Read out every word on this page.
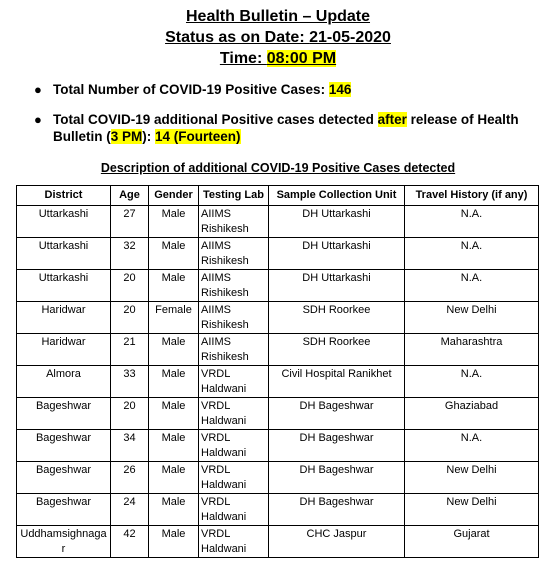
Health Bulletin – Update
Status as on Date: 21-05-2020
Time: 08:00 PM
● Total Number of COVID-19 Positive Cases: 146
● Total COVID-19 additional Positive cases detected after release of Health Bulletin (3 PM): 14 (Fourteen)
Description of additional COVID-19 Positive Cases detected
District	Age	Gender	Testing Lab	Sample Collection Unit	Travel History (if any)
Uttarkashi	27	Male	AIIMS Rishikesh	DH Uttarkashi	N.A.
Uttarkashi	32	Male	AIIMS Rishikesh	DH Uttarkashi	N.A.
Uttarkashi	20	Male	AIIMS Rishikesh	DH Uttarkashi	N.A.
Haridwar	20	Female	AIIMS Rishikesh	SDH Roorkee	New Delhi
Haridwar	21	Male	AIIMS Rishikesh	SDH Roorkee	Maharashtra
Almora	33	Male	VRDL Haldwani	Civil Hospital Ranikhet	N.A.
Bageshwar	20	Male	VRDL Haldwani	DH Bageshwar	Ghaziabad
Bageshwar	34	Male	VRDL Haldwani	DH Bageshwar	N.A.
Bageshwar	26	Male	VRDL Haldwani	DH Bageshwar	New Delhi
Bageshwar	24	Male	VRDL Haldwani	DH Bageshwar	New Delhi
Uddhamsighnagar	42	Male	VRDL Haldwani	CHC Jaspur	Gujarat
